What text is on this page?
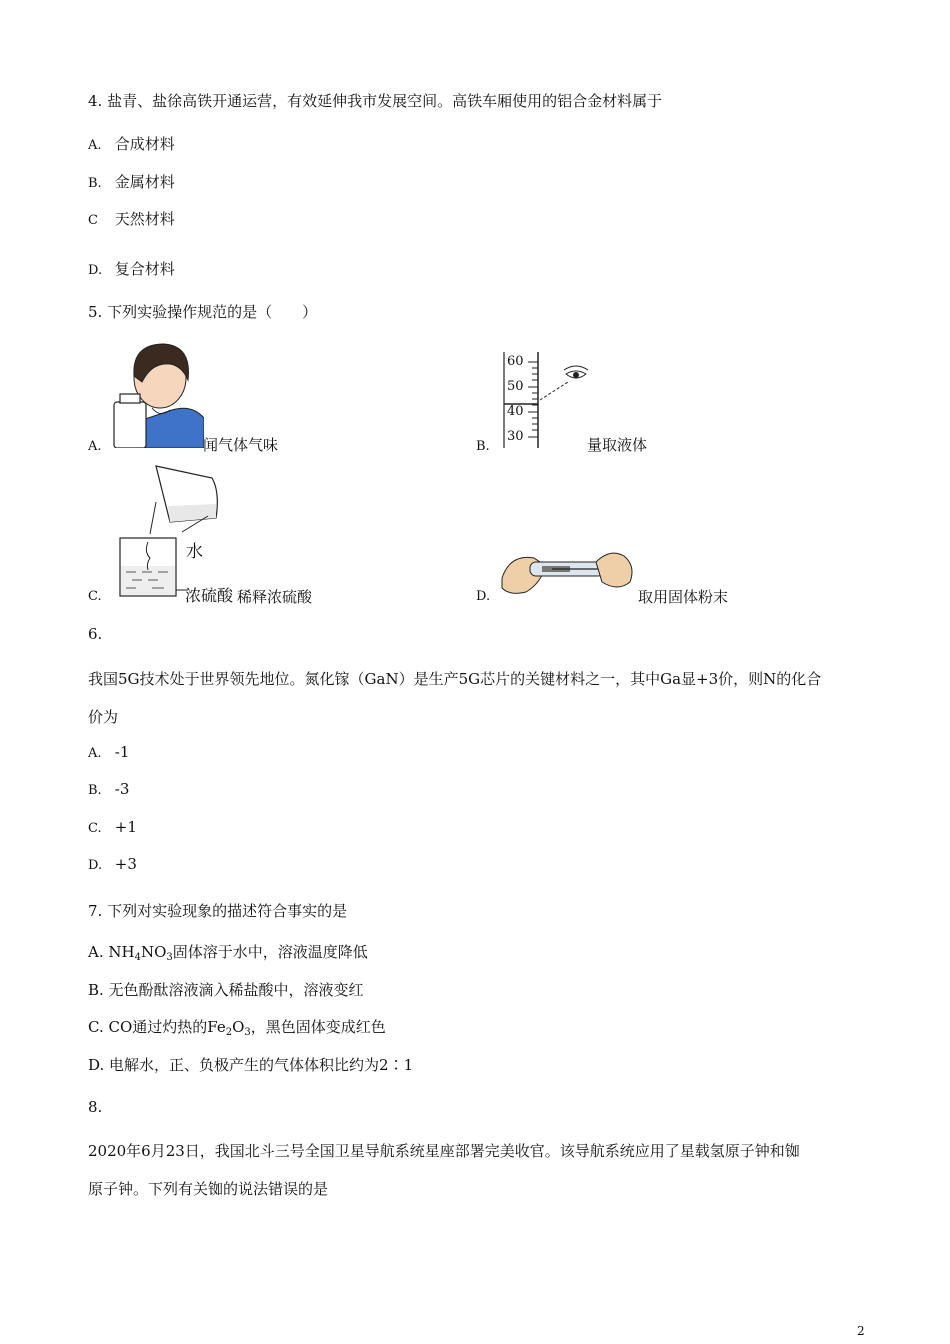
4. 盐青、盐徐高铁开通运营，有效延伸我市发展空间。高铁车厢使用的铝合金材料属于
A. 合成材料
B. 金属材料
C 天然材料
D. 复合材料
5. 下列实验操作规范的是（　　）
A.	闻气体气味	B.
60
50
40
30	量取液体
C.
水
浓硫酸 稀释浓硫酸	D.	取用固体粉末
6.
我国5G技术处于世界领先地位。氮化镓（GaN）是生产5G芯片的关键材料之一，其中Ga显+3价，则N的化合
价为
A. -1
B. -3
C. +1
D. +3
7. 下列对实验现象的描述符合事实的是
A. $NH_4NO_3$固体溶于水中，溶液温度降低
B. 无色酚酞溶液滴入稀盐酸中，溶液变红
C. CO通过灼热的$Fe_2O_3$，黑色固体变成红色
D. 电解水，正、负极产生的气体体积比约为2∶1
8.
2020年6月23日，我国北斗三号全国卫星导航系统星座部署完美收官。该导航系统应用了星载氢原子钟和铷
原子钟。下列有关铷的说法错误的是
2
